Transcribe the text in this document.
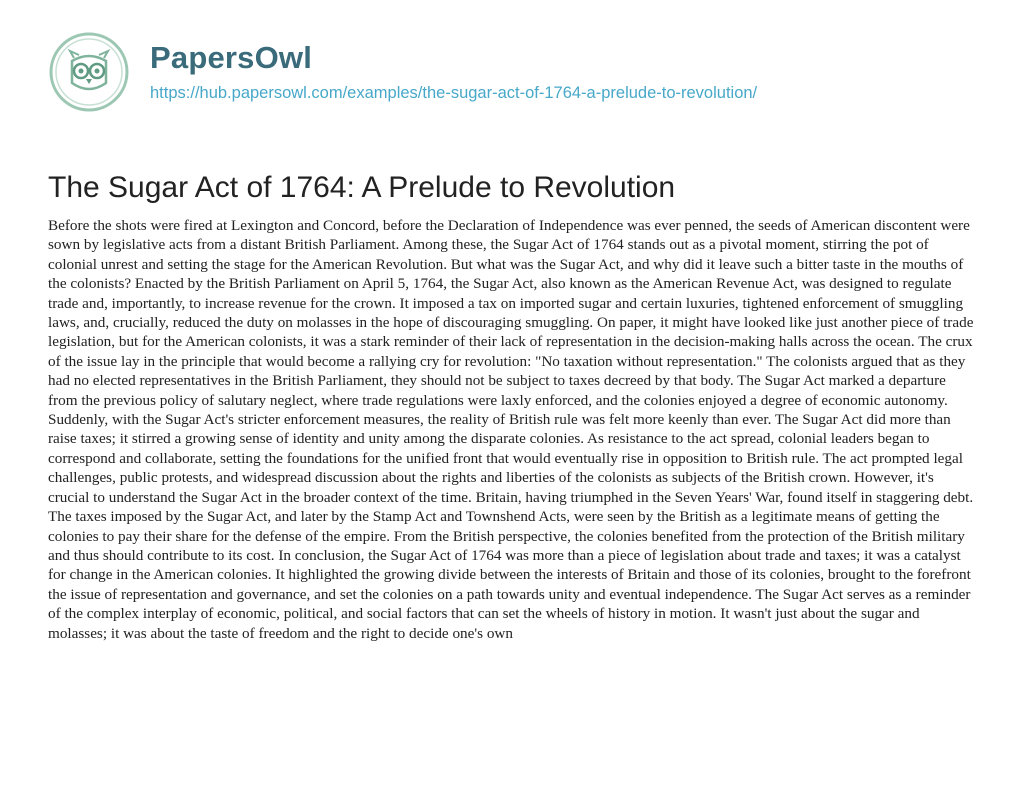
PapersOwl
https://hub.papersowl.com/examples/the-sugar-act-of-1764-a-prelude-to-revolution/
The Sugar Act of 1764: A Prelude to Revolution
Before the shots were fired at Lexington and Concord, before the Declaration of Independence was ever penned, the seeds of American discontent were sown by legislative acts from a distant British Parliament. Among these, the Sugar Act of 1764 stands out as a pivotal moment, stirring the pot of colonial unrest and setting the stage for the American Revolution. But what was the Sugar Act, and why did it leave such a bitter taste in the mouths of the colonists? Enacted by the British Parliament on April 5, 1764, the Sugar Act, also known as the American Revenue Act, was designed to regulate trade and, importantly, to increase revenue for the crown. It imposed a tax on imported sugar and certain luxuries, tightened enforcement of smuggling laws, and, crucially, reduced the duty on molasses in the hope of discouraging smuggling. On paper, it might have looked like just another piece of trade legislation, but for the American colonists, it was a stark reminder of their lack of representation in the decision-making halls across the ocean. The crux of the issue lay in the principle that would become a rallying cry for revolution: "No taxation without representation." The colonists argued that as they had no elected representatives in the British Parliament, they should not be subject to taxes decreed by that body. The Sugar Act marked a departure from the previous policy of salutary neglect, where trade regulations were laxly enforced, and the colonies enjoyed a degree of economic autonomy. Suddenly, with the Sugar Act's stricter enforcement measures, the reality of British rule was felt more keenly than ever. The Sugar Act did more than raise taxes; it stirred a growing sense of identity and unity among the disparate colonies. As resistance to the act spread, colonial leaders began to correspond and collaborate, setting the foundations for the unified front that would eventually rise in opposition to British rule. The act prompted legal challenges, public protests, and widespread discussion about the rights and liberties of the colonists as subjects of the British crown. However, it's crucial to understand the Sugar Act in the broader context of the time. Britain, having triumphed in the Seven Years' War, found itself in staggering debt. The taxes imposed by the Sugar Act, and later by the Stamp Act and Townshend Acts, were seen by the British as a legitimate means of getting the colonies to pay their share for the defense of the empire. From the British perspective, the colonies benefited from the protection of the British military and thus should contribute to its cost. In conclusion, the Sugar Act of 1764 was more than a piece of legislation about trade and taxes; it was a catalyst for change in the American colonies. It highlighted the growing divide between the interests of Britain and those of its colonies, brought to the forefront the issue of representation and governance, and set the colonies on a path towards unity and eventual independence. The Sugar Act serves as a reminder of the complex interplay of economic, political, and social factors that can set the wheels of history in motion. It wasn't just about the sugar and molasses; it was about the taste of freedom and the right to decide one's own
